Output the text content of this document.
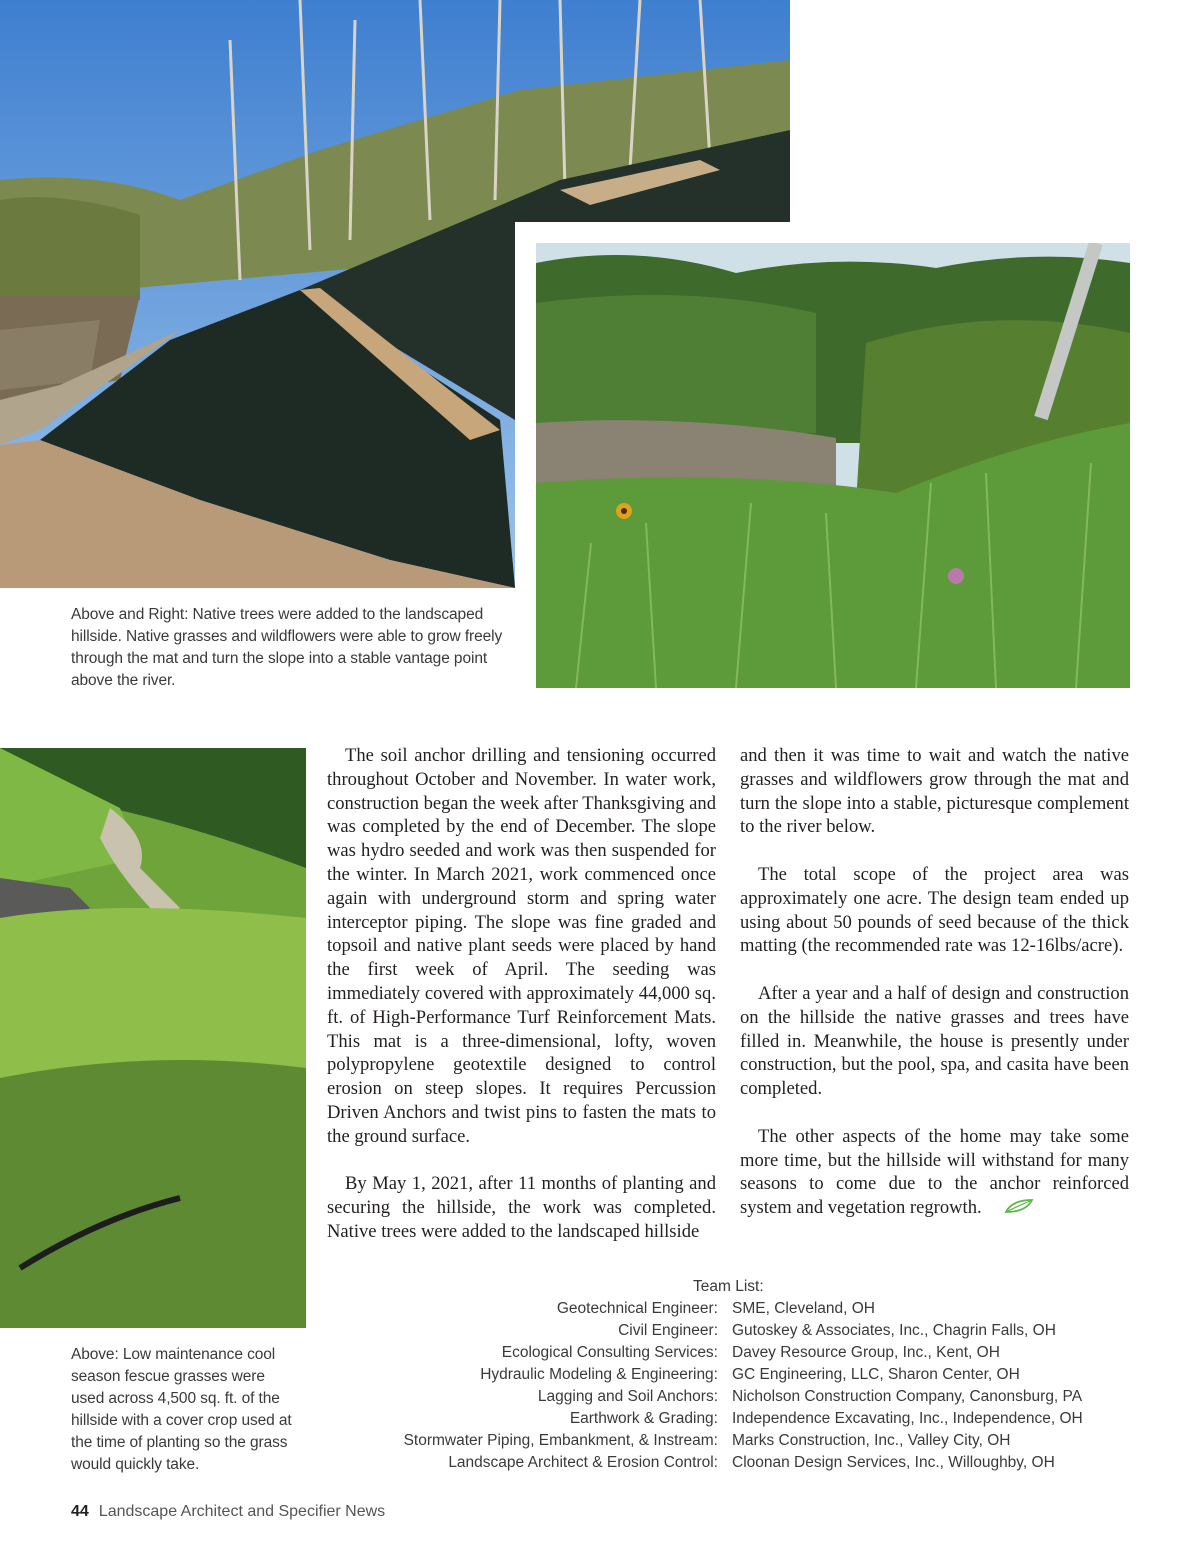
Above and Right: Native trees were added to the landscaped hillside. Native grasses and wildflowers were able to grow freely through the mat and turn the slope into a stable vantage point above the river.
Above: Low maintenance cool season fescue grasses were used across 4,500 sq. ft. of the hillside with a cover crop used at the time of planting so the grass would quickly take.

The soil anchor drilling and tensioning occurred throughout October and November. In water work, construction began the week after Thanksgiving and was completed by the end of December. The slope was hydro seeded and work was then suspended for the winter. In March 2021, work commenced once again with underground storm and spring water interceptor piping. The slope was fine graded and topsoil and native plant seeds were placed by hand the first week of April. The seeding was immediately covered with approximately 44,000 sq. ft. of High-Performance Turf Reinforcement Mats. This mat is a three-dimensional, lofty, woven polypropylene geotextile designed to control erosion on steep slopes. It requires Percussion Driven Anchors and twist pins to fasten the mats to the ground surface.

By May 1, 2021, after 11 months of planting and securing the hillside, the work was completed. Native trees were added to the landscaped hillside

and then it was time to wait and watch the native grasses and wildflowers grow through the mat and turn the slope into a stable, picturesque complement to the river below.

The total scope of the project area was approximately one acre. The design team ended up using about 50 pounds of seed because of the thick matting (the recommended rate was 12-16lbs/acre).

After a year and a half of design and construction on the hillside the native grasses and trees have filled in. Meanwhile, the house is presently under construction, but the pool, spa, and casita have been completed.

The other aspects of the home may take some more time, but the hillside will withstand for many seasons to come due to the anchor reinforced system and vegetation regrowth.

Team List:
Geotechnical Engineer: SME, Cleveland, OH
Civil Engineer: Gutoskey & Associates, Inc., Chagrin Falls, OH
Ecological Consulting Services: Davey Resource Group, Inc., Kent, OH
Hydraulic Modeling & Engineering: GC Engineering, LLC, Sharon Center, OH
Lagging and Soil Anchors: Nicholson Construction Company, Canonsburg, PA
Earthwork & Grading: Independence Excavating, Inc., Independence, OH
Stormwater Piping, Embankment, & Instream: Marks Construction, Inc., Valley City, OH
Landscape Architect & Erosion Control: Cloonan Design Services, Inc., Willoughby, OH
44 Landscape Architect and Specifier News
